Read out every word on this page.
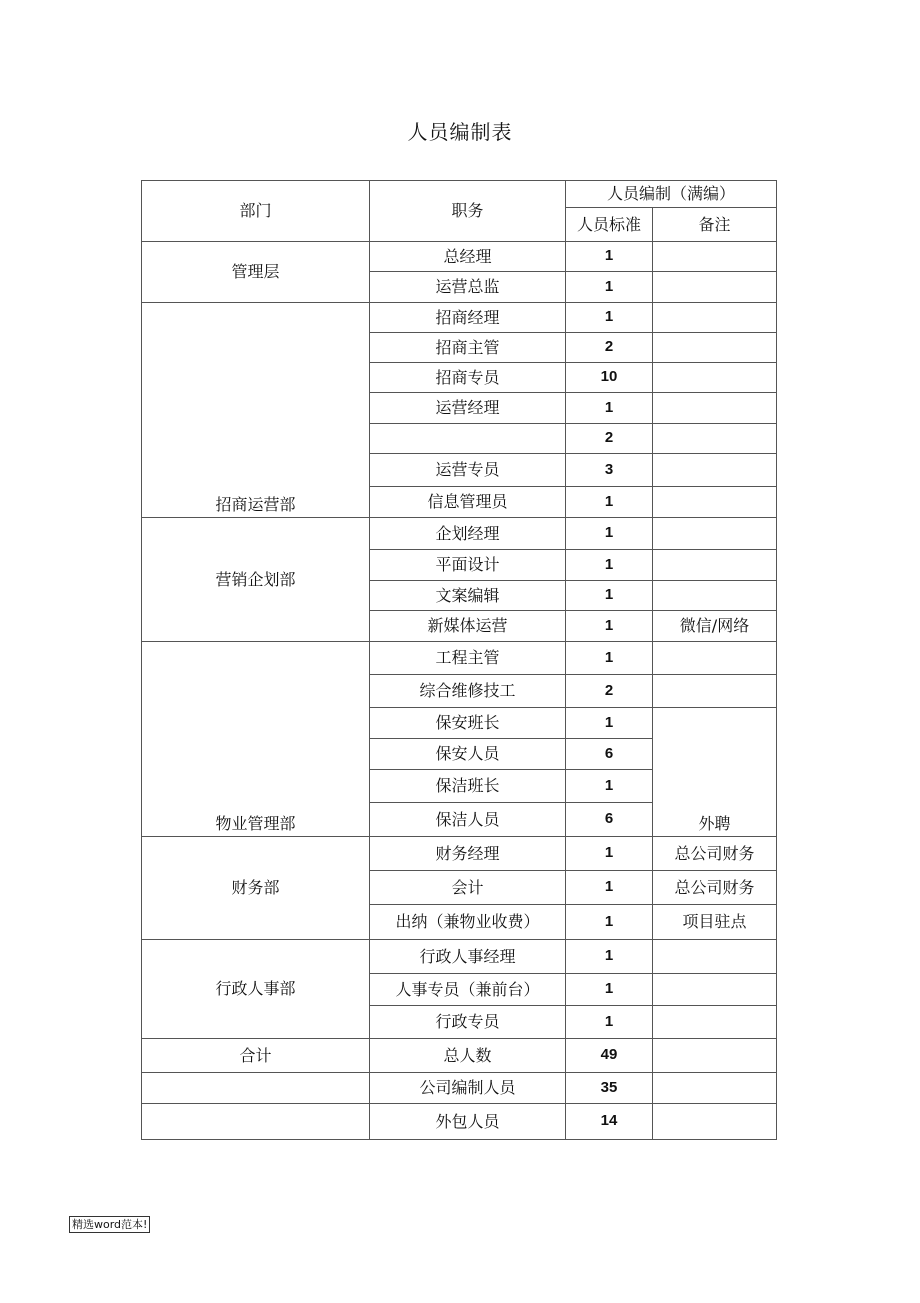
人员编制表
部门	职务	人员编制（满编）	
		人员标准	备注
管理层	总经理	1	
	运营总监	1	
招商运营部	招商经理	1	
	招商主管	2	
	招商专员	10	
	运营经理	1	
		2	
	运营专员	3	
	信息管理员	1	
营销企划部	企划经理	1	
	平面设计	1	
	文案编辑	1	
	新媒体运营	1	微信/网络
物业管理部	工程主管	1	
	综合维修技工	2	
	保安班长	1	外聘
	保安人员	6	
	保洁班长	1	
	保洁人员	6	
财务部	财务经理	1	总公司财务
	会计	1	总公司财务
	出纳（兼物业收费）	1	项目驻点
行政人事部	行政人事经理	1	
	人事专员（兼前台）	1	
	行政专员	1	
合计	总人数	49	
	公司编制人员	35	
	外包人员	14	
精选word范本!
